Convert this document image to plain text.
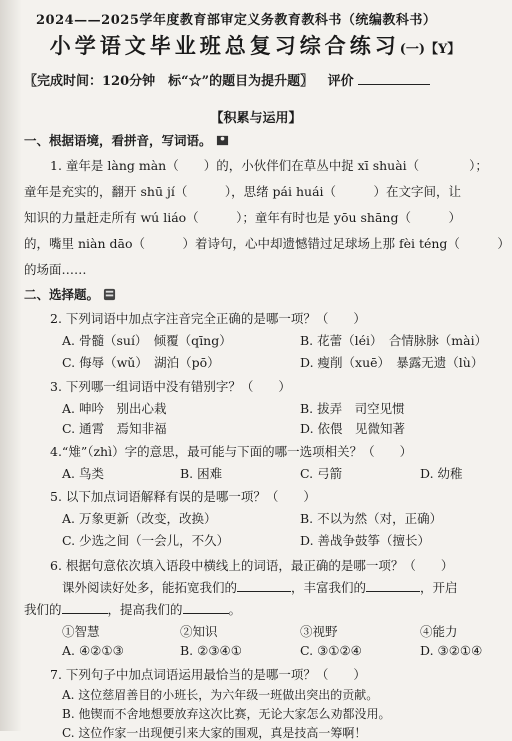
2024——2025学年度教育部审定义务教育教科书（统编教科书）
小学语文毕业班总复习综合练习(一)【Y】
〖完成时间：120分钟　标“☆”的题目为提升题〗 评价
【积累与运用】
一、根据语境，看拼音，写词语。
1. 童年是 làng màn（　　）的，小伙伴们在草丛中捉 xī shuài（　　　　）；
童年是充实的，翻开 shū jí（　　　），思绪 pái huái（　　　）在文字间，让
知识的力量赶走所有 wú liáo（　　　）；童年有时也是 yōu shāng（　　　）
的，嘴里 niàn dāo（　　　）着诗句，心中却遗憾错过足球场上那 fèi téng（　　　）
的场面……
二、选择题。
2. 下列词语中加点字注音完全正确的是哪一项？（　　）
A. 骨髓（suí）　倾覆（qīng）	B. 花蕾（léi）　合情脉脉（mài）
C. 侮辱（wǔ）　湖泊（pō）	D. 瘦削（xuē）　暴露无遗（lù）
3. 下列哪一组词语中没有错别字？（　　）
A. 呻吟　别出心栽	B. 拔弄　司空见惯
C. 通霄　焉知非福	D. 依偎　见微知著
4.“雉”（zhì）字的意思，最可能与下面的哪一选项相关？（　　）
A. 鸟类	B. 困难	C. 弓箭	D. 幼稚
5. 以下加点词语解释有误的是哪一项？（　　）
A. 万象更新（改变，改换）	B. 不以为然（对，正确）
C. 少选之间（一会儿，不久）	D. 善战争鼓筝（擅长）
6. 根据句意依次填入语段中横线上的词语，最正确的是哪一项？（　　）
课外阅读好处多，能拓宽我们的	，丰富我们的	，开启
我们的	，提高我们的	。
①智慧	②知识	③视野	④能力
A. ④②①③	B. ②③④①	C. ③①②④	D. ③②①④
7. 下列句子中加点词语运用最恰当的是哪一项？（　　）
A. 这位慈眉善目的小班长，为六年级一班做出突出的贡献。
B. 他锲而不舍地想要放弃这次比赛，无论大家怎么劝都没用。
C. 这位作家一出现便引来大家的围观，真是技高一筹啊！
